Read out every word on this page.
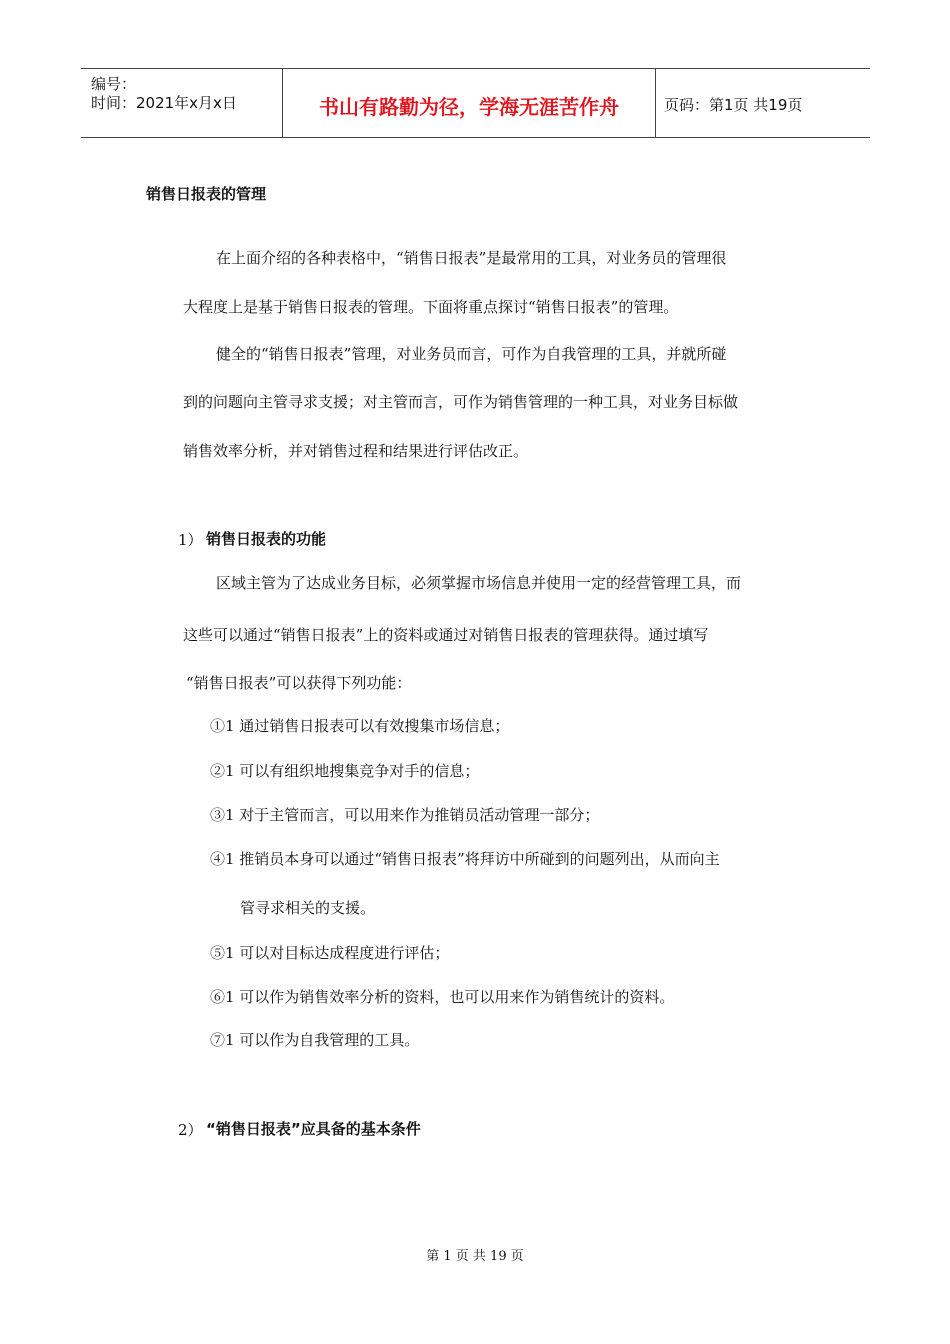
编号：
时间：2021年x月x日	书山有路勤为径，学海无涯苦作舟	页码：第1页 共19页
销售日报表的管理
在上面介绍的各种表格中，“销售日报表”是最常用的工具，对业务员的管理很
大程度上是基于销售日报表的管理。下面将重点探讨“销售日报表”的管理。
健全的“销售日报表”管理，对业务员而言，可作为自我管理的工具，并就所碰
到的问题向主管寻求支援；对主管而言，可作为销售管理的一种工具，对业务目标做
销售效率分析，并对销售过程和结果进行评估改正。
1） 销售日报表的功能
区域主管为了达成业务目标，必须掌握市场信息并使用一定的经营管理工具，而
这些可以通过“销售日报表”上的资料或通过对销售日报表的管理获得。通过填写
“销售日报表”可以获得下列功能：
①1 通过销售日报表可以有效搜集市场信息；
②1 可以有组织地搜集竞争对手的信息；
③1 对于主管而言，可以用来作为推销员活动管理一部分；
④1 推销员本身可以通过“销售日报表”将拜访中所碰到的问题列出，从而向主
管寻求相关的支援。
⑤1 可以对目标达成程度进行评估；
⑥1 可以作为销售效率分析的资料，也可以用来作为销售统计的资料。
⑦1 可以作为自我管理的工具。
2） “销售日报表”应具备的基本条件
第 1 页 共 19 页
